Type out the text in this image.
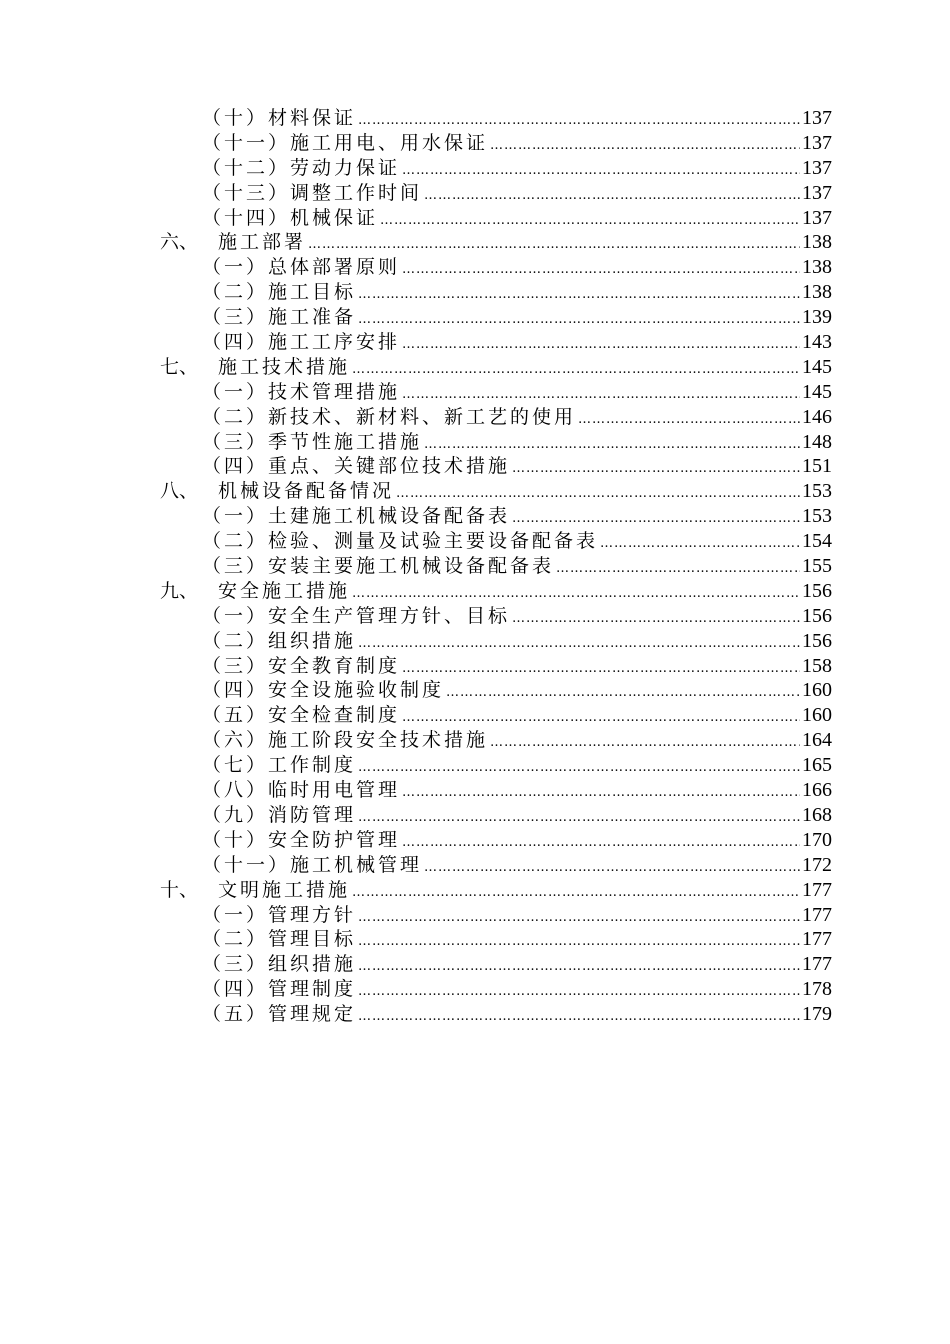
（十）材料保证 ………………………………………………………………………………………………………………………………………………	137
（十一）施工用电、用水保证 ………………………………………………………………………………………………………………………………………………	137
（十二）劳动力保证 ………………………………………………………………………………………………………………………………………………	137
（十三）调整工作时间 ………………………………………………………………………………………………………………………………………………	137
（十四）机械保证 ………………………………………………………………………………………………………………………………………………	137
六、 施工部署 ………………………………………………………………………………………………………………………………………………	138
（一）总体部署原则 ………………………………………………………………………………………………………………………………………………	138
（二）施工目标 ………………………………………………………………………………………………………………………………………………	138
（三）施工准备 ………………………………………………………………………………………………………………………………………………	139
（四）施工工序安排 ………………………………………………………………………………………………………………………………………………	143
七、 施工技术措施 ………………………………………………………………………………………………………………………………………………	145
（一）技术管理措施 ………………………………………………………………………………………………………………………………………………	145
（二）新技术、新材料、新工艺的使用 ………………………………………………………………………………………………………………………………………………	146
（三）季节性施工措施 ………………………………………………………………………………………………………………………………………………	148
（四）重点、关键部位技术措施 ………………………………………………………………………………………………………………………………………………	151
八、 机械设备配备情况 ………………………………………………………………………………………………………………………………………………	153
（一）土建施工机械设备配备表 ………………………………………………………………………………………………………………………………………………	153
（二）检验、测量及试验主要设备配备表 ………………………………………………………………………………………………………………………………………………	154
（三）安装主要施工机械设备配备表 ………………………………………………………………………………………………………………………………………………	155
九、 安全施工措施 ………………………………………………………………………………………………………………………………………………	156
（一）安全生产管理方针、目标 ………………………………………………………………………………………………………………………………………………	156
（二）组织措施 ………………………………………………………………………………………………………………………………………………	156
（三）安全教育制度 ………………………………………………………………………………………………………………………………………………	158
（四）安全设施验收制度 ………………………………………………………………………………………………………………………………………………	160
（五）安全检查制度 ………………………………………………………………………………………………………………………………………………	160
（六）施工阶段安全技术措施 ………………………………………………………………………………………………………………………………………………	164
（七）工作制度 ………………………………………………………………………………………………………………………………………………	165
（八）临时用电管理 ………………………………………………………………………………………………………………………………………………	166
（九）消防管理 ………………………………………………………………………………………………………………………………………………	168
（十）安全防护管理 ………………………………………………………………………………………………………………………………………………	170
（十一）施工机械管理 ………………………………………………………………………………………………………………………………………………	172
十、 文明施工措施 ………………………………………………………………………………………………………………………………………………	177
（一）管理方针 ………………………………………………………………………………………………………………………………………………	177
（二）管理目标 ………………………………………………………………………………………………………………………………………………	177
（三）组织措施 ………………………………………………………………………………………………………………………………………………	177
（四）管理制度 ………………………………………………………………………………………………………………………………………………	178
（五）管理规定 ………………………………………………………………………………………………………………………………………………	179
